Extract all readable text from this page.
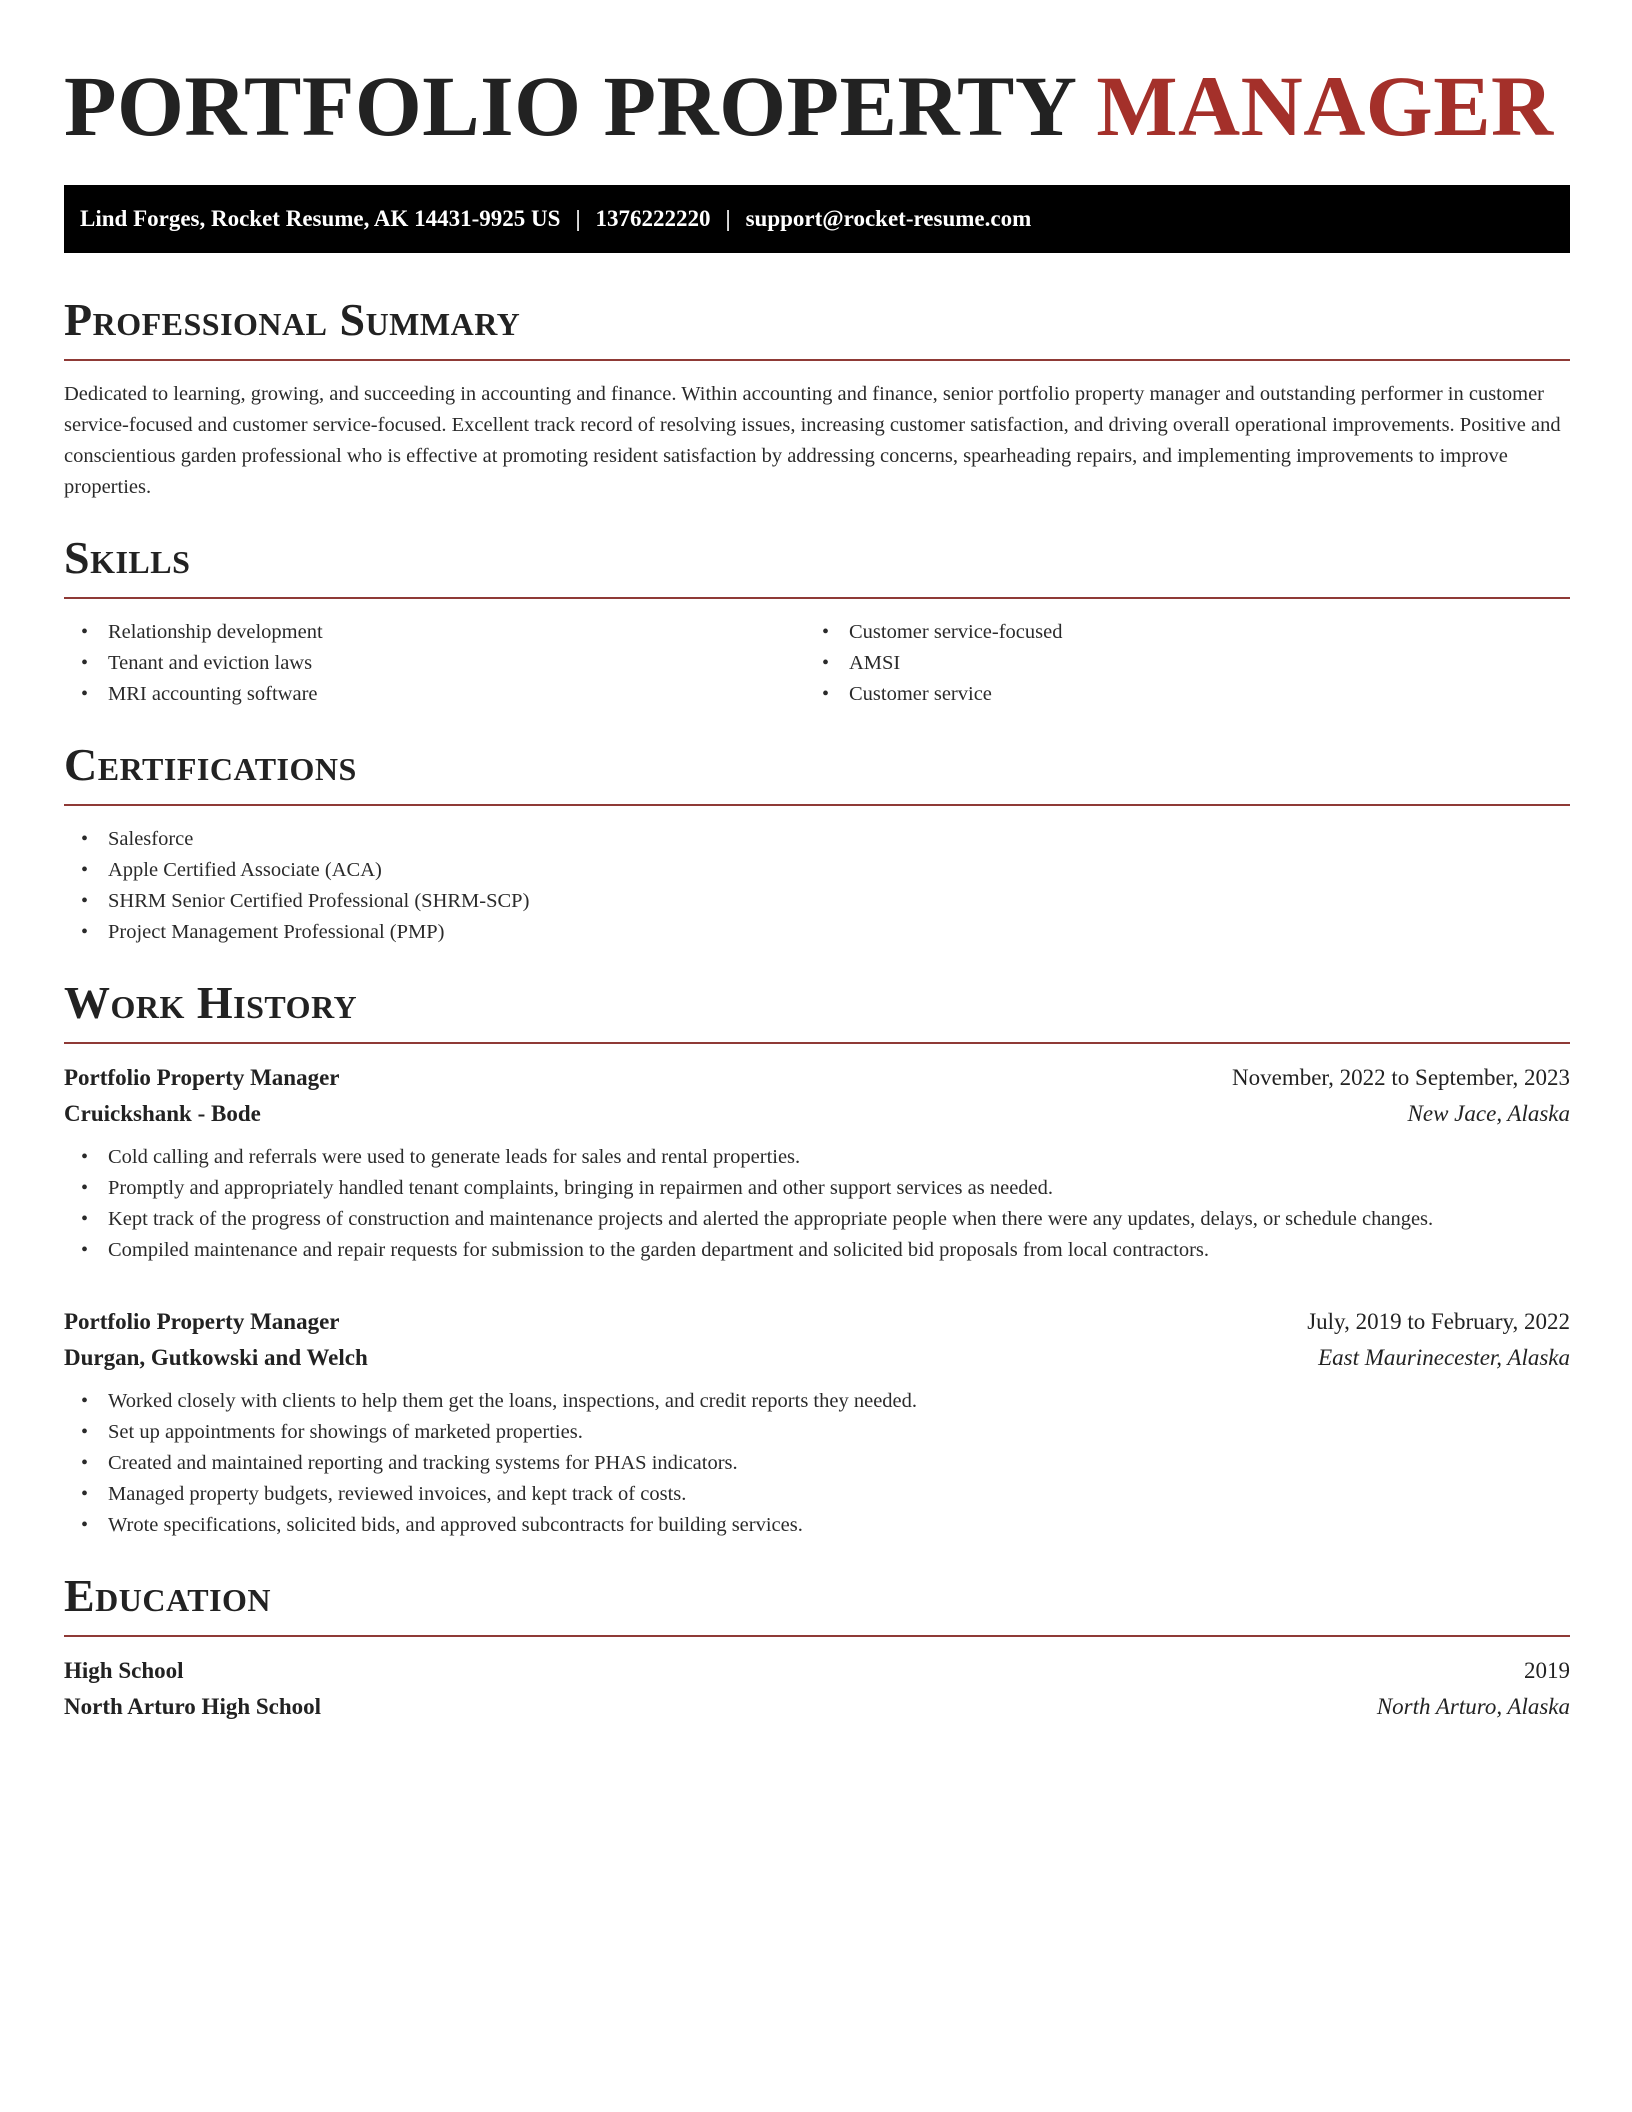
PORTFOLIO PROPERTY MANAGER
Lind Forges, Rocket Resume, AK 14431-9925 US | 1376222220 | support@rocket-resume.com
Professional Summary

Dedicated to learning, growing, and succeeding in accounting and finance. Within accounting and finance, senior portfolio property manager and outstanding performer in customer service-focused and customer service-focused. Excellent track record of resolving issues, increasing customer satisfaction, and driving overall operational improvements. Positive and conscientious garden professional who is effective at promoting resident satisfaction by addressing concerns, spearheading repairs, and implementing improvements to improve properties.

Skills
• Relationship development
• Tenant and eviction laws
• MRI accounting software
• Customer service-focused
• AMSI
• Customer service
Certifications
• Salesforce
• Apple Certified Associate (ACA)
• SHRM Senior Certified Professional (SHRM-SCP)
• Project Management Professional (PMP)
Work History
Portfolio Property Manager	November, 2022 to September, 2023
Cruickshank - Bode	New Jace, Alaska
• Cold calling and referrals were used to generate leads for sales and rental properties.
• Promptly and appropriately handled tenant complaints, bringing in repairmen and other support services as needed.
• Kept track of the progress of construction and maintenance projects and alerted the appropriate people when there were any updates, delays, or schedule changes.
• Compiled maintenance and repair requests for submission to the garden department and solicited bid proposals from local contractors.
Portfolio Property Manager	July, 2019 to February, 2022
Durgan, Gutkowski and Welch	East Maurinecester, Alaska
• Worked closely with clients to help them get the loans, inspections, and credit reports they needed.
• Set up appointments for showings of marketed properties.
• Created and maintained reporting and tracking systems for PHAS indicators.
• Managed property budgets, reviewed invoices, and kept track of costs.
• Wrote specifications, solicited bids, and approved subcontracts for building services.
Education
High School	2019
North Arturo High School	North Arturo, Alaska
